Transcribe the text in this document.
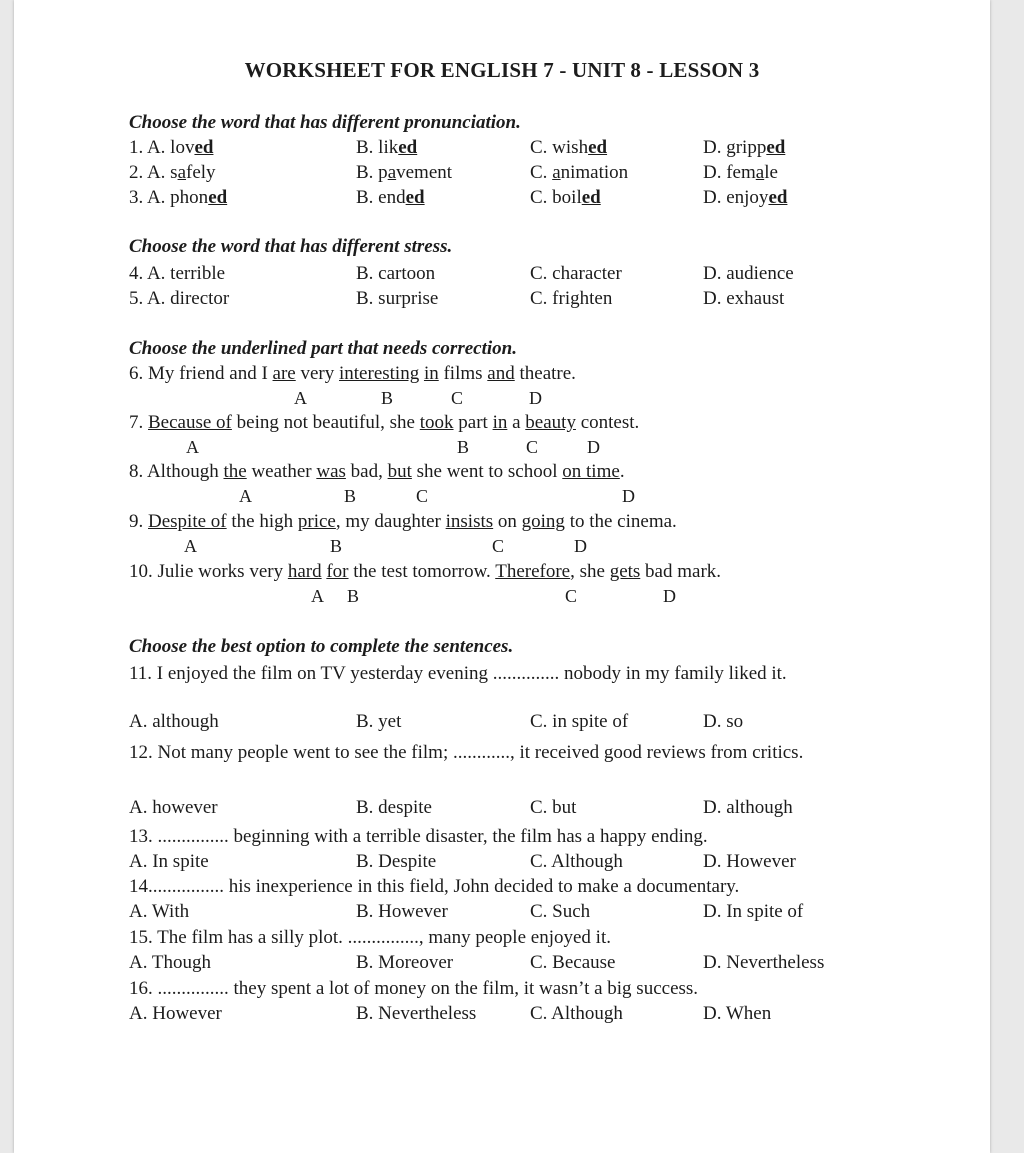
WORKSHEET FOR ENGLISH 7 - UNIT 8 - LESSON 3
Choose the word that has different pronunciation.
1. A. loved	B. liked	C. wished	D. gripped
2. A. safely	B. pavement	C. animation	D. female
3. A. phoned	B. ended	C. boiled	D. enjoyed
Choose the word that has different stress.
4. A. terrible	B. cartoon	C. character	D. audience
5. A. director	B. surprise	C. frighten	D. exhaust
Choose the underlined part that needs correction.
6. My friend and I are very interesting in films and theatre.
A	B	C	D
7. Because of being not beautiful, she took part in a beauty contest.
A	B	C	D
8. Although the weather was bad, but she went to school on time.
A	B	C	D
9. Despite of the high price, my daughter insists on going to the cinema.
A	B	C	D
10. Julie works very hard for the test tomorrow. Therefore, she gets bad mark.
A B	C	D
Choose the best option to complete the sentences.
11. I enjoyed the film on TV yesterday evening .............. nobody in my family liked it.
A. although	B. yet	C. in spite of	D. so
12. Not many people went to see the film; ............, it received good reviews from critics.
A. however	B. despite	C. but	D. although
13. ............... beginning with a terrible disaster, the film has a happy ending.
A. In spite	B. Despite	C. Although	D. However
14................ his inexperience in this field, John decided to make a documentary.
A. With	B. However	C. Such	D. In spite of
15. The film has a silly plot. ..............., many people enjoyed it.
A. Though	B. Moreover	C. Because	D. Nevertheless
16. ............... they spent a lot of money on the film, it wasn’t a big success.
A. However	B. Nevertheless	C. Although	D. When
